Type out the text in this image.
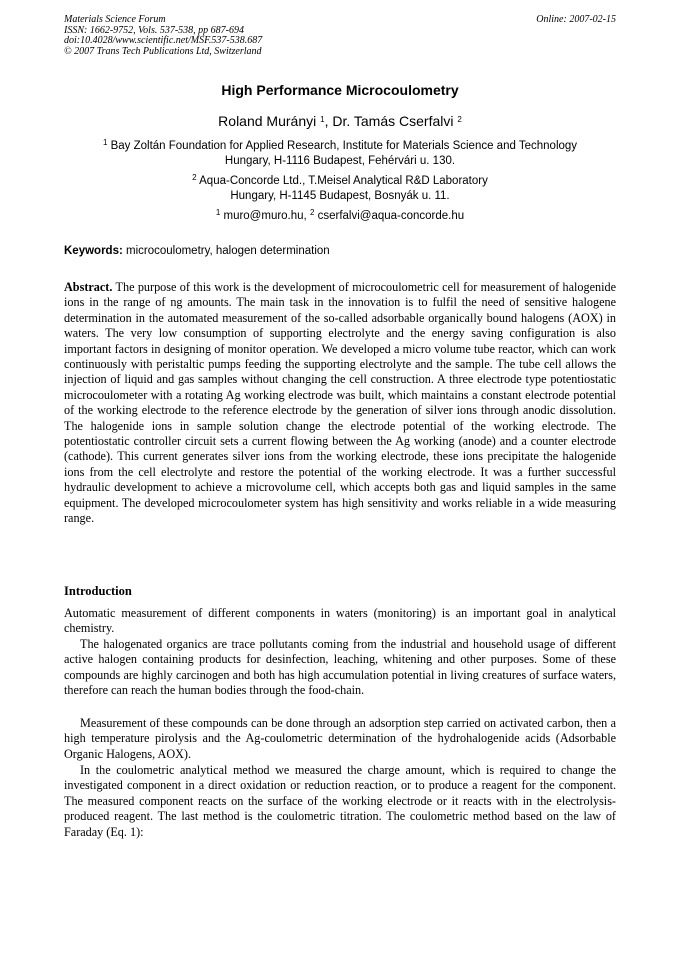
Materials Science Forum
ISSN: 1662-9752, Vols. 537-538, pp 687-694
doi:10.4028/www.scientific.net/MSF.537-538.687
© 2007 Trans Tech Publications Ltd, Switzerland
Online: 2007-02-15
High Performance Microcoulometry
Roland Murányi $^1$, Dr. Tamás Cserfalvi $^2$
$^1$ Bay Zoltán Foundation for Applied Research, Institute for Materials Science and Technology
Hungary, H-1116 Budapest, Fehérvári u. 130.
$^2$ Aqua-Concorde Ltd., T.Meisel Analytical R&D Laboratory
Hungary, H-1145 Budapest, Bosnyák u. 11.
$^1$ muro@muro.hu, $^2$ cserfalvi@aqua-concorde.hu
Keywords: microcoulometry, halogen determination

Abstract. The purpose of this work is the development of microcoulometric cell for measurement of halogenide ions in the range of ng amounts. The main task in the innovation is to fulfil the need of sensitive halogene determination in the automated measurement of the so-called adsorbable organically bound halogens (AOX) in waters. The very low consumption of supporting electrolyte and the energy saving configuration is also important factors in designing of monitor operation. We developed a micro volume tube reactor, which can work continuously with peristaltic pumps feeding the supporting electrolyte and the sample. The tube cell allows the injection of liquid and gas samples without changing the cell construction. A three electrode type potentiostatic microcoulometer with a rotating Ag working electrode was built, which maintains a constant electrode potential of the working electrode to the reference electrode by the generation of silver ions through anodic dissolution. The halogenide ions in sample solution change the electrode potential of the working electrode. The potentiostatic controller circuit sets a current flowing between the Ag working (anode) and a counter electrode (cathode). This current generates silver ions from the working electrode, these ions precipitate the halogenide ions from the cell electrolyte and restore the potential of the working electrode. It was a further successful hydraulic development to achieve a microvolume cell, which accepts both gas and liquid samples in the same equipment. The developed microcoulometer system has high sensitivity and works reliable in a wide measuring range.

Introduction

Automatic measurement of different components in waters (monitoring) is an important goal in analytical chemistry.

The halogenated organics are trace pollutants coming from the industrial and household usage of different active halogen containing products for desinfection, leaching, whitening and other purposes. Some of these compounds are highly carcinogen and both has high accumulation potential in living creatures of surface waters, therefore can reach the human bodies through the food-chain.

Measurement of these compounds can be done through an adsorption step carried on activated carbon, then a high temperature pirolysis and the Ag-coulometric determination of the hydrohalogenide acids (Adsorbable Organic Halogens, AOX).

In the coulometric analytical method we measured the charge amount, which is required to change the investigated component in a direct oxidation or reduction reaction, or to produce a reagent for the component. The measured component reacts on the surface of the working electrode or it reacts with in the electrolysis-produced reagent. The last method is the coulometric titration. The coulometric method based on the law of Faraday (Eq. 1):
